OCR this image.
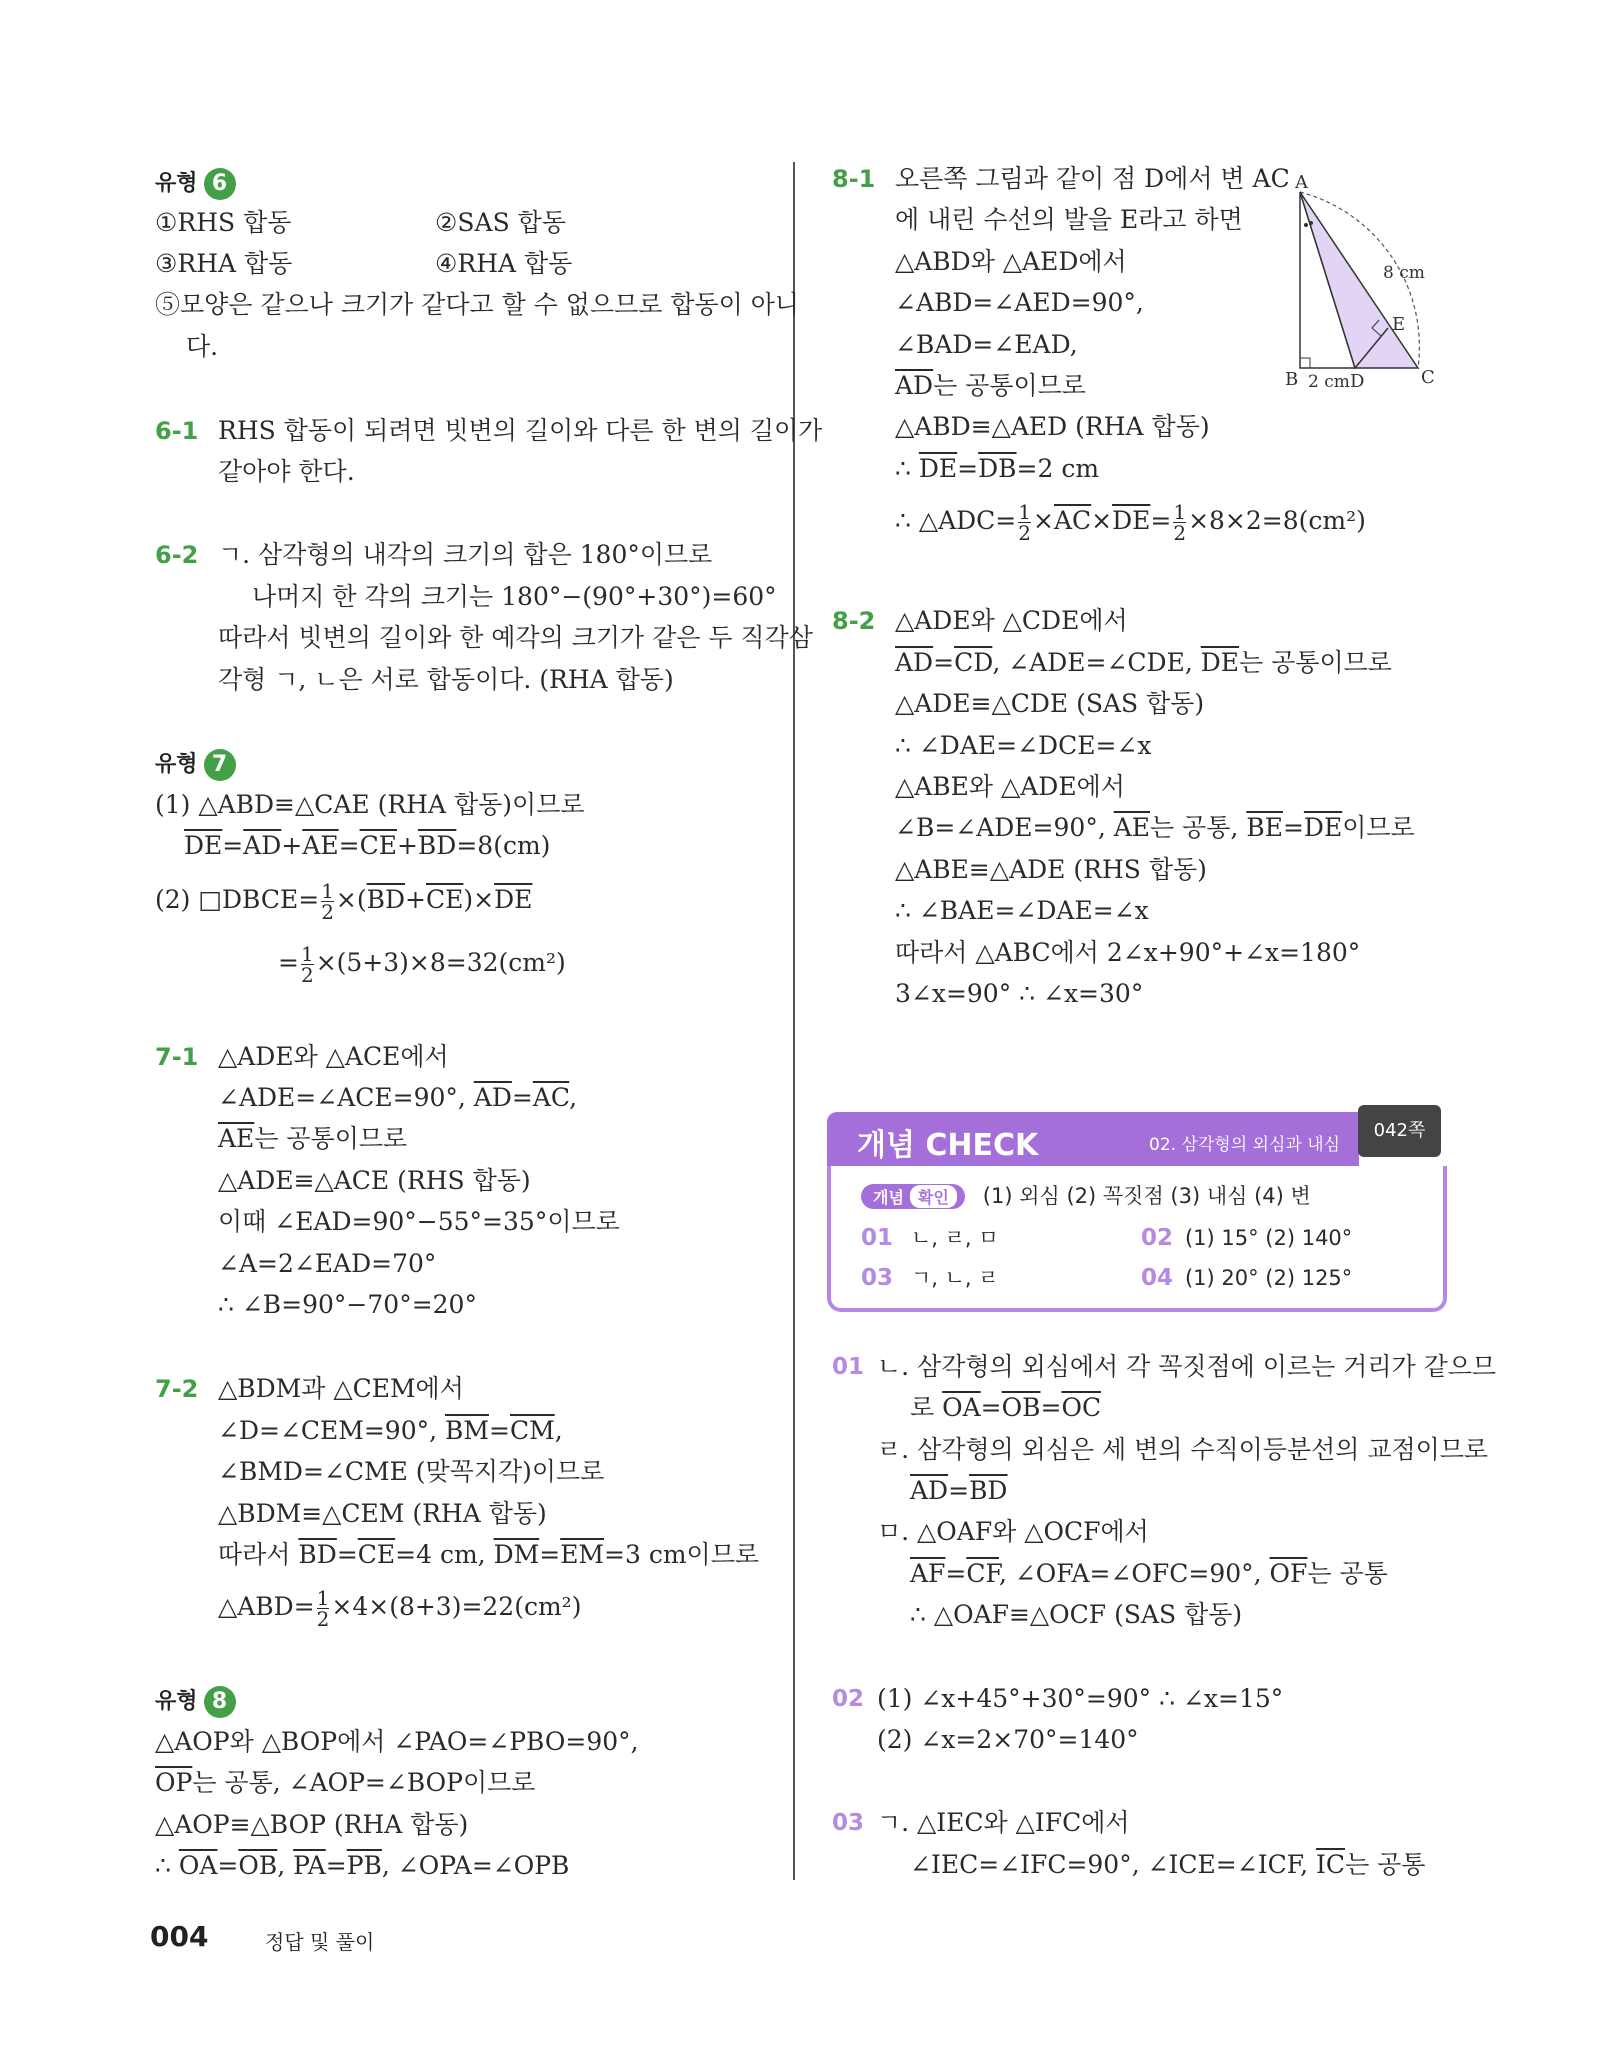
유형 6
①RHS 합동	②SAS 합동
③RHA 합동	④RHA 합동
⑤모양은 같으나 크기가 같다고 할 수 없으므로 합동이 아니
다.
6-1 RHS 합동이 되려면 빗변의 길이와 다른 한 변의 길이가
같아야 한다.
6-2 ㄱ. 삼각형의 내각의 크기의 합은 180°이므로
나머지 한 각의 크기는 180°−(90°+30°)=60°
따라서 빗변의 길이와 한 예각의 크기가 같은 두 직각삼
각형 ㄱ, ㄴ은 서로 합동이다. (RHA 합동)
유형 7
(1) △ABD≡△CAE (RHA 합동)이므로
$\overline{DE}=\overline{AD}+\overline{AE}=\overline{CE}+\overline{BD}=8(cm)$
(2) □DBCE= $\frac{1}{2} \times(\overline{BD}+\overline{CE})\times\overline{DE}$
= $\frac{1}{2} \times(5+3)\times 8=32(cm^2)$
7-1 △ADE와 △ACE에서
∠ADE=∠ACE=90°, $\overline{AD}=\overline{AC}$,
$\overline{AE}$는 공통이므로
△ADE≡△ACE (RHS 합동)
이때 ∠EAD=90°−55°=35°이므로
∠A=2∠EAD=70°
∴ ∠B=90°−70°=20°
7-2 △BDM과 △CEM에서
∠D=∠CEM=90°, $\overline{BM}=\overline{CM}$,
∠BMD=∠CME (맞꼭지각)이므로
△BDM≡△CEM (RHA 합동)
따라서 $\overline{BD}=\overline{CE}=4$ cm, $\overline{DM}=\overline{EM}=3$ cm이므로
△ABD= $\frac{1}{2} \times 4\times(8+3)=22(cm^2)$
유형 8
△AOP와 △BOP에서 ∠PAO=∠PBO=90°,
$\overline{OP}$는 공통, ∠AOP=∠BOP이므로
△AOP≡△BOP (RHA 합동)
∴ $\overline{OA}=\overline{OB}$, $\overline{PA}=\overline{PB}$, ∠OPA=∠OPB
8-1 오른쪽 그림과 같이 점 D에서 변 AC
에 내린 수선의 발을 E라고 하면
△ABD와 △AED에서
∠ABD=∠AED=90°,
∠BAD=∠EAD,
$\overline{AD}$는 공통이므로
△ABD≡△AED (RHA 합동)
∴ $\overline{DE}=\overline{DB}=2$ cm
∴ △ADC= $\frac{1}{2} \times\overline{AC}\times\overline{DE}= \frac{1}{2} \times 8\times 2=8(cm^2)$
A
B	C
D
E
8 cm
2 cm
8-2 △ADE와 △CDE에서
$\overline{AD}=\overline{CD}$, ∠ADE=∠CDE, $\overline{DE}$는 공통이므로
△ADE≡△CDE (SAS 합동)
∴ ∠DAE=∠DCE=∠x
△ABE와 △ADE에서
∠B=∠ADE=90°, $\overline{AE}$는 공통, $\overline{BE}=\overline{DE}$이므로
△ABE≡△ADE (RHS 합동)
∴ ∠BAE=∠DAE=∠x
따라서 △ABC에서 2∠x+90°+∠x=180°
3∠x=90° ∴ ∠x=30°
개념 CHECK	02. 삼각형의 외심과 내심
042쪽
개념 확인 (1) 외심 (2) 꼭짓점 (3) 내심 (4) 변
01 ㄴ, ㄹ, ㅁ	02 (1) 15° (2) 140°
03 ㄱ, ㄴ, ㄹ	04 (1) 20° (2) 125°
01 ㄴ. 삼각형의 외심에서 각 꼭짓점에 이르는 거리가 같으므
로 $\overline{OA}=\overline{OB}=\overline{OC}$
ㄹ. 삼각형의 외심은 세 변의 수직이등분선의 교점이므로
$\overline{AD}=\overline{BD}$
ㅁ. △OAF와 △OCF에서
$\overline{AF}=\overline{CF}$, ∠OFA=∠OFC=90°, $\overline{OF}$는 공통
∴ △OAF≡△OCF (SAS 합동)
02 (1) ∠x+45°+30°=90° ∴ ∠x=15°
(2) ∠x=2×70°=140°
03 ㄱ. △IEC와 △IFC에서
∠IEC=∠IFC=90°, ∠ICE=∠ICF, $\overline{IC}$는 공통
004	정답 및 풀이
